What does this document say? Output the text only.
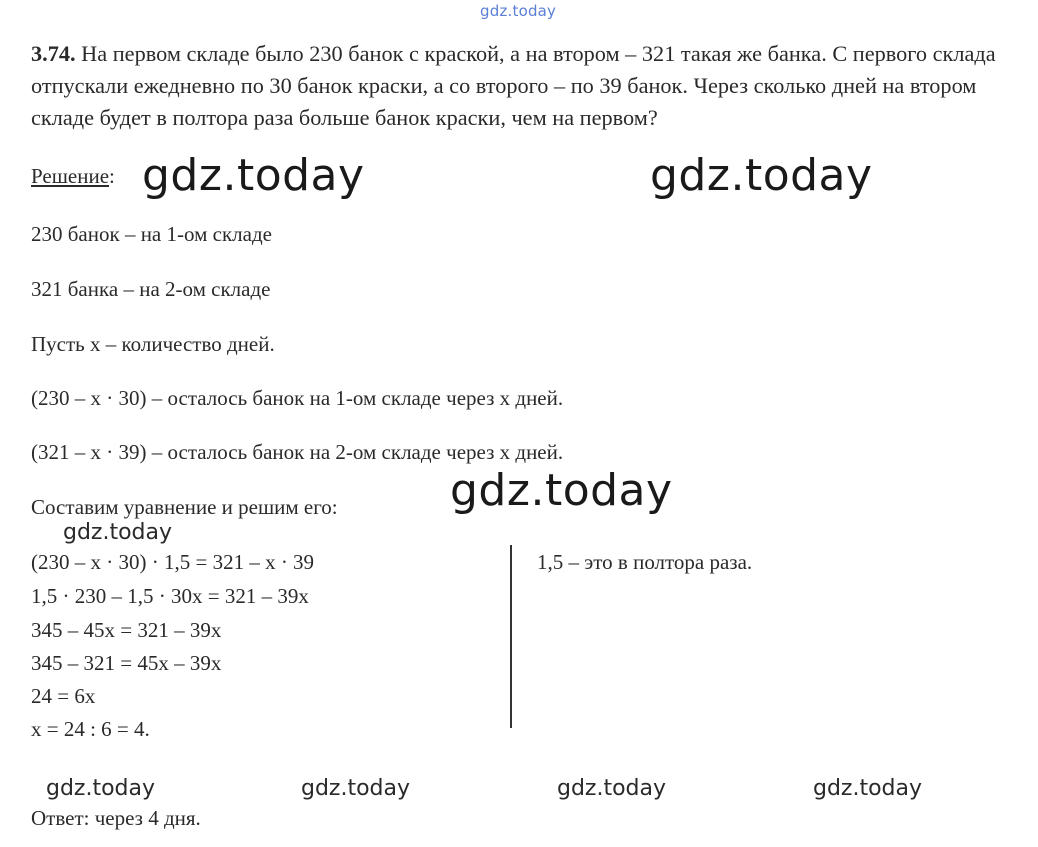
gdz.today
3.74. На первом складе было 230 банок с краской, а на втором – 321 такая же банка. С первого склада отпускали ежедневно по 30 банок краски, а со второго – по 39 банок. Через сколько дней на втором складе будет в полтора раза больше банок краски, чем на первом?
Решение: gdz.today	gdz.today
230 банок – на 1-ом складе
321 банка – на 2-ом складе
Пусть х – количество дней.
(230 – х · 30) – осталось банок на 1-ом складе через х дней.
(321 – х · 39) – осталось банок на 2-ом складе через х дней.
gdz.today
Составим уравнение и решим его:
gdz.today
(230 – х · 30) · 1,5 = 321 – х · 39
1,5 · 230 – 1,5 · 30х = 321 – 39х
345 – 45х = 321 – 39х
345 – 321 = 45х – 39х
24 = 6х
х = 24 : 6 = 4.
1,5 – это в полтора раза.
gdz.today	gdz.today	gdz.today	gdz.today
Ответ: через 4 дня.
